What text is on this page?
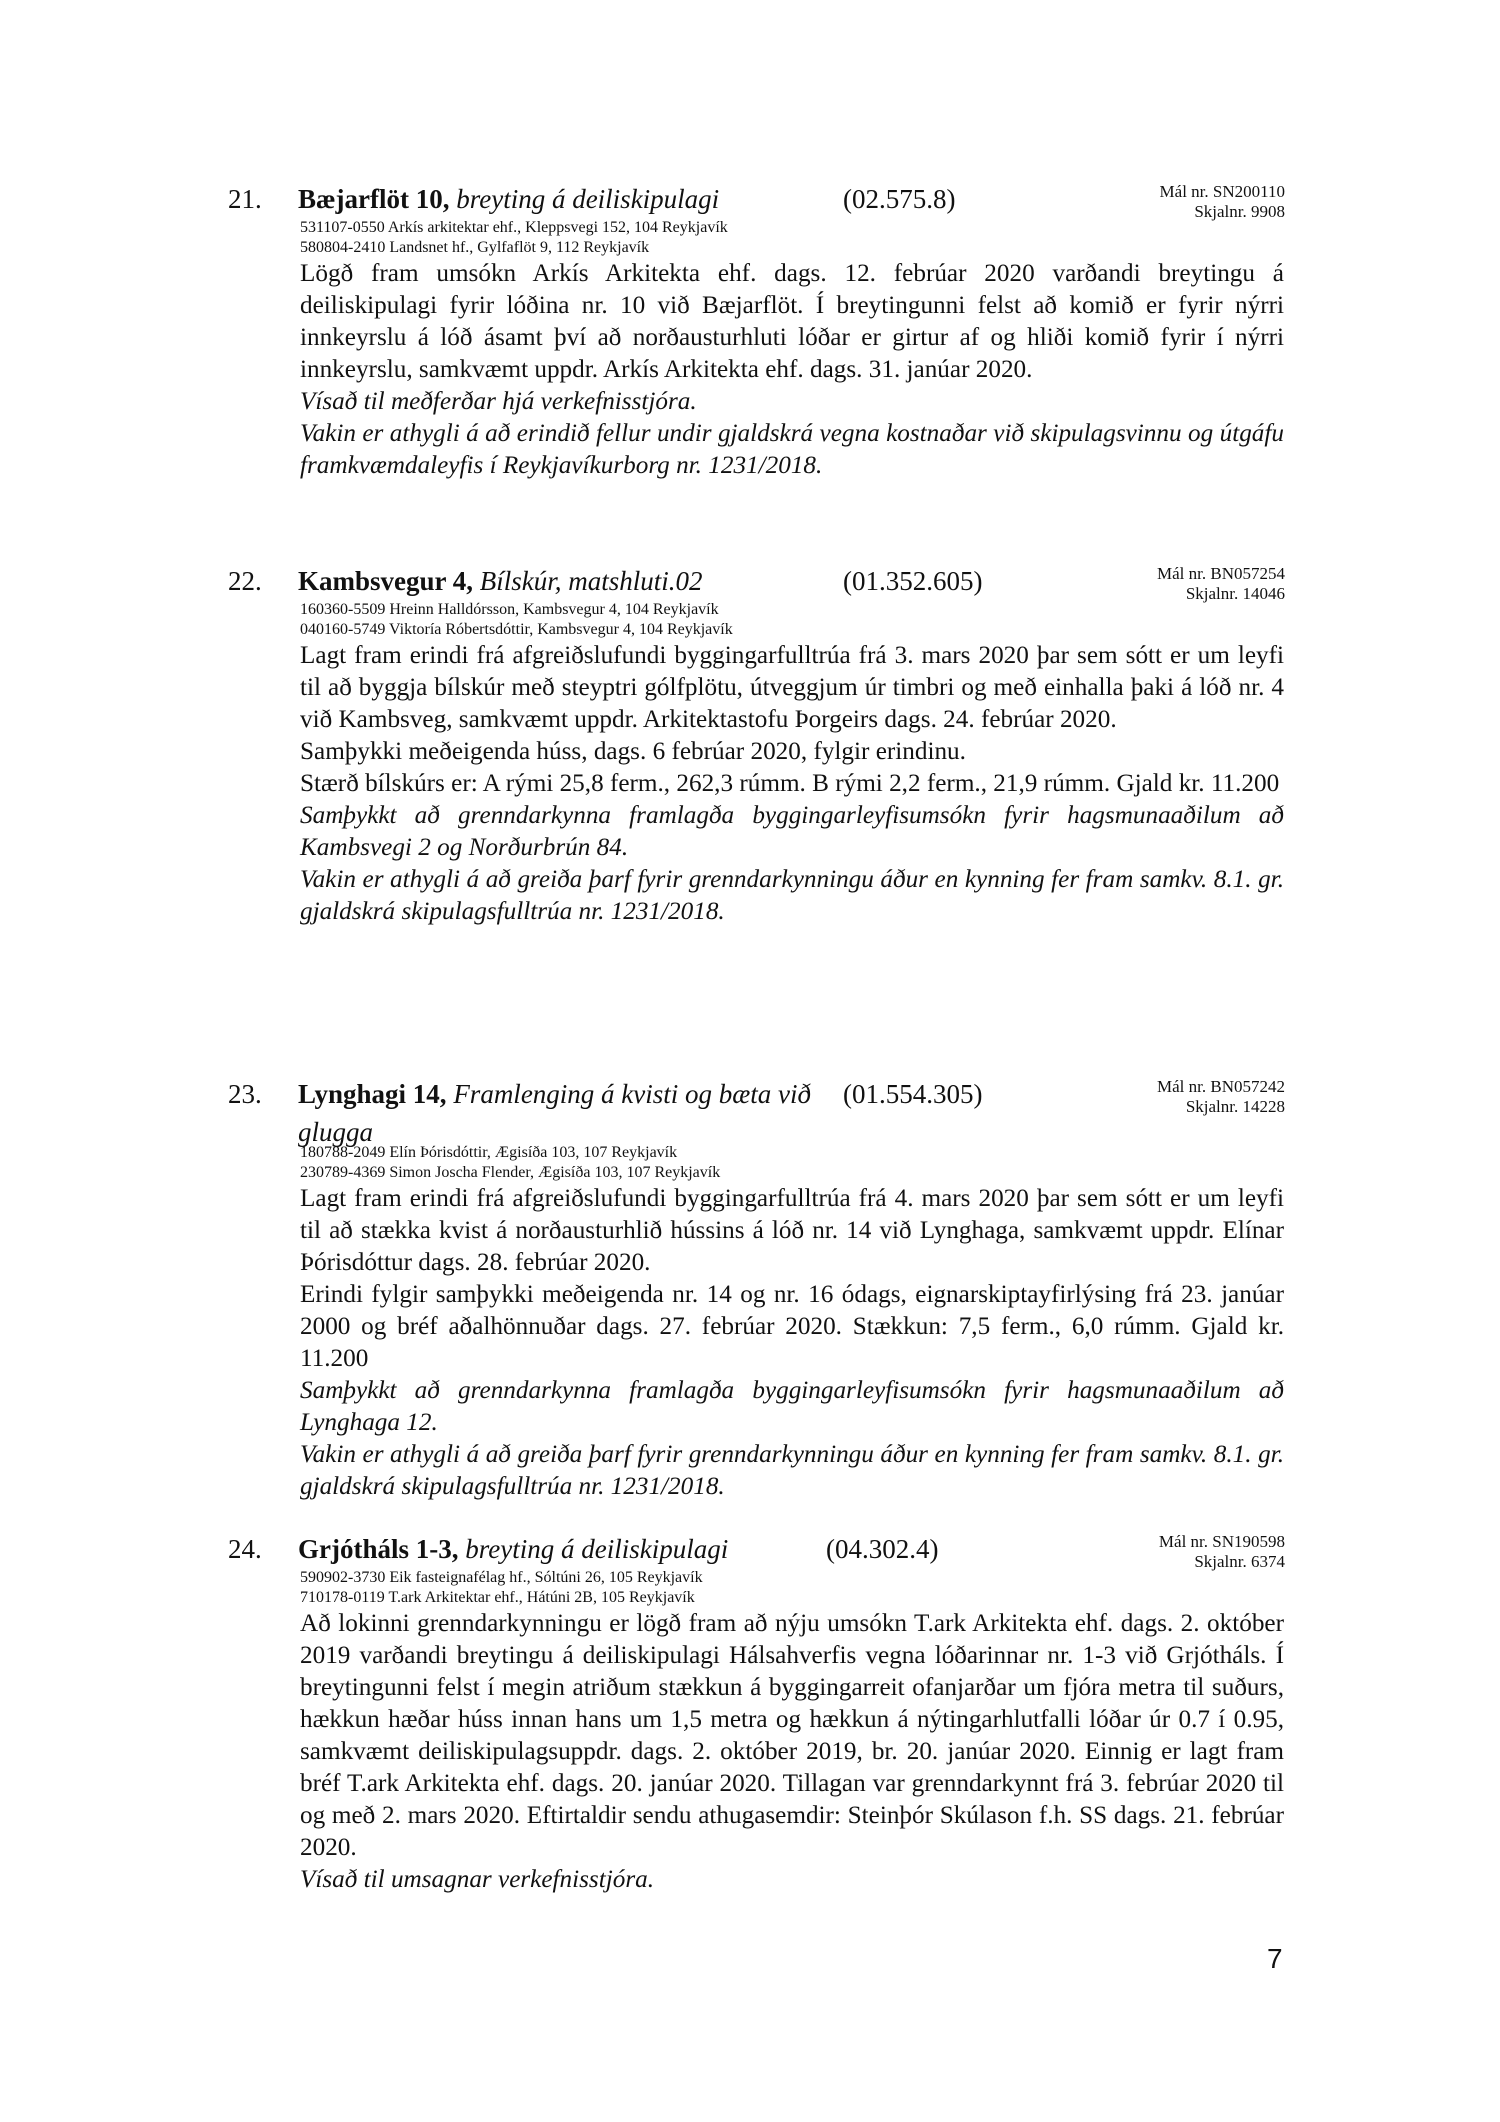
21. Bæjarflöt 10, breyting á deiliskipulagi	(02.575.8)	Mál nr. SN200110
Skjalnr. 9908
531107-0550 Arkís arkitektar ehf., Kleppsvegi 152, 104 Reykjavík
580804-2410 Landsnet hf., Gylfaflöt 9, 112 Reykjavík
Lögð fram umsókn Arkís Arkitekta ehf. dags. 12. febrúar 2020 varðandi breytingu á deiliskipulagi fyrir lóðina nr. 10 við Bæjarflöt. Í breytingunni felst að komið er fyrir nýrri innkeyrslu á lóð ásamt því að norðausturhluti lóðar er girtur af og hliði komið fyrir í nýrri innkeyrslu, samkvæmt uppdr. Arkís Arkitekta ehf. dags. 31. janúar 2020.
Vísað til meðferðar hjá verkefnisstjóra.
Vakin er athygli á að erindið fellur undir gjaldskrá vegna kostnaðar við skipulagsvinnu og útgáfu framkvæmdaleyfis í Reykjavíkurborg nr. 1231/2018.
22. Kambsvegur 4, Bílskúr, matshluti.02	(01.352.605)	Mál nr. BN057254
Skjalnr. 14046
160360-5509 Hreinn Halldórsson, Kambsvegur 4, 104 Reykjavík
040160-5749 Viktoría Róbertsdóttir, Kambsvegur 4, 104 Reykjavík
Lagt fram erindi frá afgreiðslufundi byggingarfulltrúa frá 3. mars 2020 þar sem sótt er um leyfi til að byggja bílskúr með steyptri gólfplötu, útveggjum úr timbri og með einhalla þaki á lóð nr. 4 við Kambsveg, samkvæmt uppdr. Arkitektastofu Þorgeirs dags. 24. febrúar 2020.
Samþykki meðeigenda húss, dags. 6 febrúar 2020, fylgir erindinu.
Stærð bílskúrs er: A rými 25,8 ferm., 262,3 rúmm. B rými 2,2 ferm., 21,9 rúmm. Gjald kr. 11.200
Samþykkt að grenndarkynna framlagða byggingarleyfisumsókn fyrir hagsmunaaðilum að Kambsvegi 2 og Norðurbrún 84.
Vakin er athygli á að greiða þarf fyrir grenndarkynningu áður en kynning fer fram samkv. 8.1. gr. gjaldskrá skipulagsfulltrúa nr. 1231/2018.
23. Lynghagi 14, Framlenging á kvisti og bæta við glugga
(01.554.305)	Mál nr. BN057242
Skjalnr. 14228
180788-2049 Elín Þórisdóttir, Ægisíða 103, 107 Reykjavík
230789-4369 Simon Joscha Flender, Ægisíða 103, 107 Reykjavík
Lagt fram erindi frá afgreiðslufundi byggingarfulltrúa frá 4. mars 2020 þar sem sótt er um leyfi til að stækka kvist á norðausturhlið hússins á lóð nr. 14 við Lynghaga, samkvæmt uppdr. Elínar Þórisdóttur dags. 28. febrúar 2020.
Erindi fylgir samþykki meðeigenda nr. 14 og nr. 16 ódags, eignarskiptayfirlýsing frá 23. janúar 2000 og bréf aðalhönnuðar dags. 27. febrúar 2020. Stækkun: 7,5 ferm., 6,0 rúmm. Gjald kr. 11.200
Samþykkt að grenndarkynna framlagða byggingarleyfisumsókn fyrir hagsmunaaðilum að Lynghaga 12.
Vakin er athygli á að greiða þarf fyrir grenndarkynningu áður en kynning fer fram samkv. 8.1. gr. gjaldskrá skipulagsfulltrúa nr. 1231/2018.
24. Grjótháls 1-3, breyting á deiliskipulagi	(04.302.4)	Mál nr. SN190598
Skjalnr. 6374
590902-3730 Eik fasteignafélag hf., Sóltúni 26, 105 Reykjavík
710178-0119 T.ark Arkitektar ehf., Hátúni 2B, 105 Reykjavík
Að lokinni grenndarkynningu er lögð fram að nýju umsókn T.ark Arkitekta ehf. dags. 2. október 2019 varðandi breytingu á deiliskipulagi Hálsahverfis vegna lóðarinnar nr. 1-3 við Grjótháls. Í breytingunni felst í megin atriðum stækkun á byggingarreit ofanjarðar um fjóra metra til suðurs, hækkun hæðar húss innan hans um 1,5 metra og hækkun á nýtingarhlutfalli lóðar úr 0.7 í 0.95, samkvæmt deiliskipulagsuppdr. dags. 2. október 2019, br. 20. janúar 2020. Einnig er lagt fram bréf T.ark Arkitekta ehf. dags. 20. janúar 2020. Tillagan var grenndarkynnt frá 3. febrúar 2020 til og með 2. mars 2020. Eftirtaldir sendu athugasemdir: Steinþór Skúlason f.h. SS dags. 21. febrúar 2020.
Vísað til umsagnar verkefnisstjóra.
7
